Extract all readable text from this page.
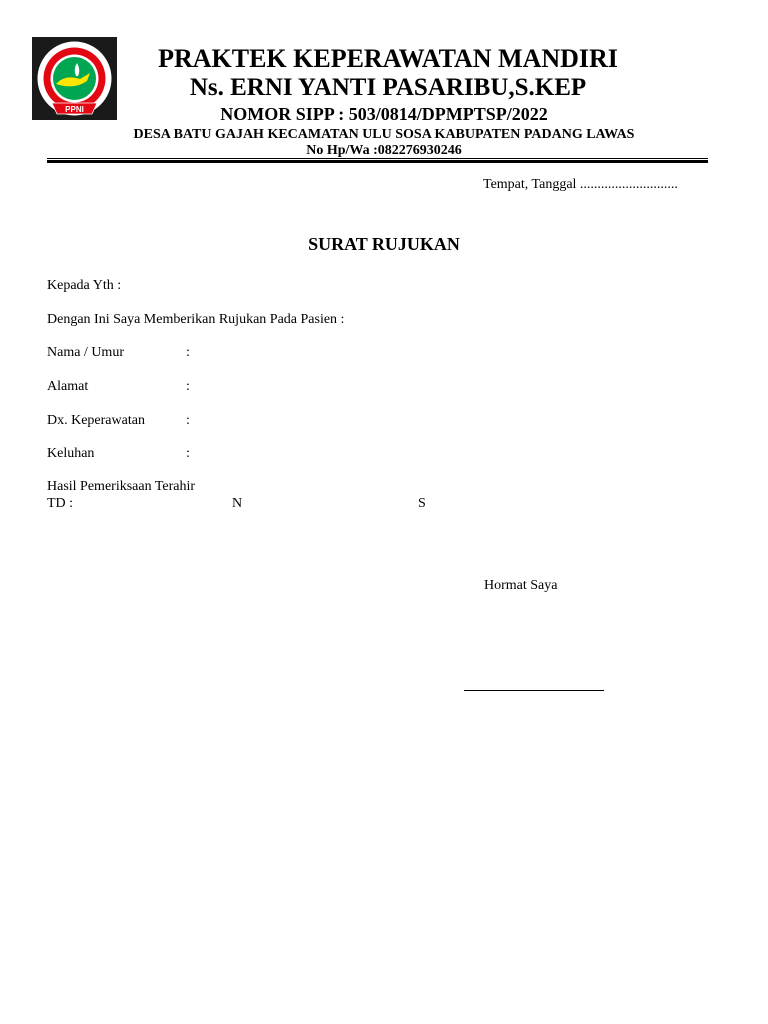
PPNI
PRAKTEK KEPERAWATAN MANDIRI
Ns. ERNI YANTI PASARIBU,S.KEP
NOMOR SIPP : 503/0814/DPMPTSP/2022
DESA BATU GAJAH KECAMATAN ULU SOSA KABUPATEN PADANG LAWAS
No Hp/Wa :082276930246
Tempat, Tanggal ............................
SURAT RUJUKAN
Kepada Yth :
Dengan Ini Saya Memberikan Rujukan Pada Pasien :
Nama / Umur	:
Alamat	:
Dx. Keperawatan	:
Keluhan	:
Hasil Pemeriksaan Terahir
TD :	N	S
Hormat Saya
